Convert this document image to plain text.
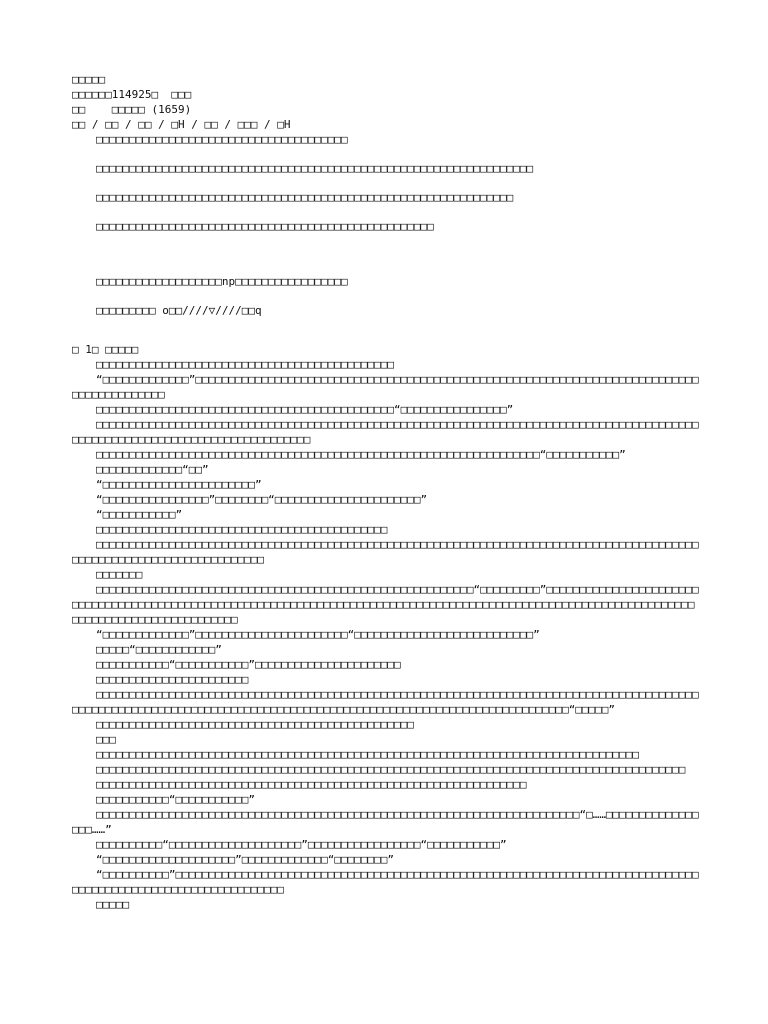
□□□□□
□□□□□□114925□  □□□
□□    □□□□□ (1659)
□□ / □□ / □□ / □H / □□ / □□□ / □H
□□□□□□□□□□□□□□□□□□□□□□□□□□□□□□□□□□□□□□
□□□□□□□□□□□□□□□□□□□□□□□□□□□□□□□□□□□□□□□□□□□□□□□□□□□□□□□□□□□□□□□□□□
□□□□□□□□□□□□□□□□□□□□□□□□□□□□□□□□□□□□□□□□□□□□□□□□□□□□□□□□□□□□□□□
□□□□□□□□□□□□□□□□□□□□□□□□□□□□□□□□□□□□□□□□□□□□□□□□□□□
□□□□□□□□□□□□□□□□□□□np□□□□□□□□□□□□□□□□□
□□□□□□□□□ o□□////▽////□□q
□ 1□ □□□□□
□□□□□□□□□□□□□□□□□□□□□□□□□□□□□□□□□□□□□□□□□□□□□
“□□□□□□□□□□□□□”□□□□□□□□□□□□□□□□□□□□□□□□□□□□□□□□□□□□□□□□□□□□□□□□□□□□□□□□□□□□□□□□□□□□□□□□□□□□□□□□□□□□□□□□□□
□□□□□□□□□□□□□□□□□□□□□□□□□□□□□□□□□□□□□□□□□□□□□“□□□□□□□□□□□□□□□□”
□□□□□□□□□□□□□□□□□□□□□□□□□□□□□□□□□□□□□□□□□□□□□□□□□□□□□□□□□□□□□□□□□□□□□□□□□□□□□□□□□□□□□□□□□□□□□□□□□□□□□□□□□□□□□□□□□□□□□□□□□□□□□□□
□□□□□□□□□□□□□□□□□□□□□□□□□□□□□□□□□□□□□□□□□□□□□□□□□□□□□□□□□□□□□□□□□□□“□□□□□□□□□□□”
□□□□□□□□□□□□□“□□”
“□□□□□□□□□□□□□□□□□□□□□□□”
“□□□□□□□□□□□□□□□□”□□□□□□□□“□□□□□□□□□□□□□□□□□□□□□□”
“□□□□□□□□□□□”
□□□□□□□□□□□□□□□□□□□□□□□□□□□□□□□□□□□□□□□□□□□□
□□□□□□□□□□□□□□□□□□□□□□□□□□□□□□□□□□□□□□□□□□□□□□□□□□□□□□□□□□□□□□□□□□□□□□□□□□□□□□□□□□□□□□□□□□□□□□□□□□□□□□□□□□□□□□□□□□□□□□□□
□□□□□□□
□□□□□□□□□□□□□□□□□□□□□□□□□□□□□□□□□□□□□□□□□□□□□□□□□□□□□□□□□“□□□□□□□□□”□□□□□□□□□□□□□□□□□□□□□□□□□□□□□□□□□□□□□□□□□□□□□□□□□□□□□□□□□□□□□□□□□□□□□□□□□□□□□□□□□□□□□□□□□□□□□□□□□□□□□□□□□□□□□□□□□□□□□□□□□□□□□□□□□□□□□□□□□□□□□□
“□□□□□□□□□□□□□”□□□□□□□□□□□□□□□□□□□□□□□“□□□□□□□□□□□□□□□□□□□□□□□□□□□”
□□□□□“□□□□□□□□□□□□”
□□□□□□□□□□□“□□□□□□□□□□□”□□□□□□□□□□□□□□□□□□□□□□
□□□□□□□□□□□□□□□□□□□□□□□
□□□□□□□□□□□□□□□□□□□□□□□□□□□□□□□□□□□□□□□□□□□□□□□□□□□□□□□□□□□□□□□□□□□□□□□□□□□□□□□□□□□□□□□□□□□□□□□□□□□□□□□□□□□□□□□□□□□□□□□□□□□□□□□□□□□□□□□□□□□□□□□□□□□□□□□□□□□□□□□□□□□□□□“□□□□□”
□□□□□□□□□□□□□□□□□□□□□□□□□□□□□□□□□□□□□□□□□□□□□□□□
□□□
□□□□□□□□□□□□□□□□□□□□□□□□□□□□□□□□□□□□□□□□□□□□□□□□□□□□□□□□□□□□□□□□□□□□□□□□□□□□□□□□□□
□□□□□□□□□□□□□□□□□□□□□□□□□□□□□□□□□□□□□□□□□□□□□□□□□□□□□□□□□□□□□□□□□□□□□□□□□□□□□□□□□□□□□□□□□
□□□□□□□□□□□□□□□□□□□□□□□□□□□□□□□□□□□□□□□□□□□□□□□□□□□□□□□□□□□□□□□□□
□□□□□□□□□□□“□□□□□□□□□□□”
□□□□□□□□□□□□□□□□□□□□□□□□□□□□□□□□□□□□□□□□□□□□□□□□□□□□□□□□□□□□□□□□□□□□□□□□□“□……□□□□□□□□□□□□□□□□□……”
□□□□□□□□□□“□□□□□□□□□□□□□□□□□□□□”□□□□□□□□□□□□□□□□□“□□□□□□□□□□□”
“□□□□□□□□□□□□□□□□□□□□”□□□□□□□□□□□□□“□□□□□□□□”
“□□□□□□□□□□”□□□□□□□□□□□□□□□□□□□□□□□□□□□□□□□□□□□□□□□□□□□□□□□□□□□□□□□□□□□□□□□□□□□□□□□□□□□□□□□□□□□□□□□□□□□□□□□□□□□□□□□□□□□□□□□
□□□□□
